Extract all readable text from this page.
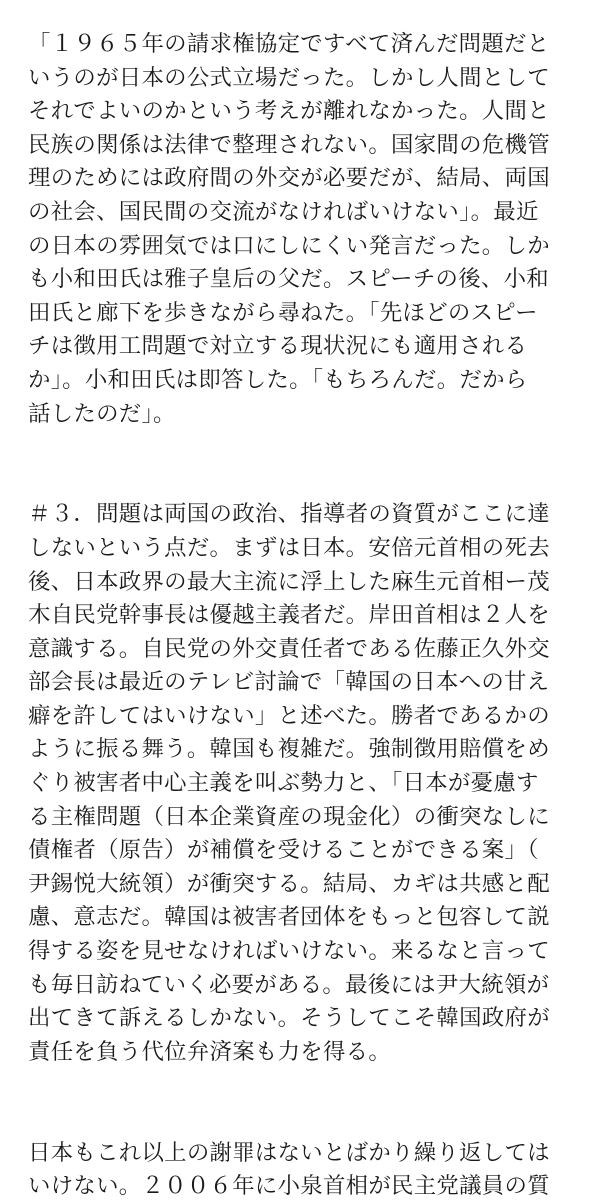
「１９６５年の請求権協定ですべて済んだ問題だと
いうのが日本の公式立場だった。しかし人間として
それでよいのかという考えが離れなかった。人間と
民族の関係は法律で整理されない。国家間の危機管
理のためには政府間の外交が必要だが、結局、両国
の社会、国民間の交流がなければいけない」。最近
の日本の雰囲気では口にしにくい発言だった。しか
も小和田氏は雅子皇后の父だ。スピーチの後、小和
田氏と廊下を歩きながら尋ねた。「先ほどのスピー
チは徴用工問題で対立する現状況にも適用される
か」。小和田氏は即答した。「もちろんだ。だから
話したのだ」。
＃３．問題は両国の政治、指導者の資質がここに達
しないという点だ。まずは日本。安倍元首相の死去
後、日本政界の最大主流に浮上した麻生元首相ー茂
木自民党幹事長は優越主義者だ。岸田首相は２人を
意識する。自民党の外交責任者である佐藤正久外交
部会長は最近のテレビ討論で「韓国の日本への甘え
癖を許してはいけない」と述べた。勝者であるかの
ように振る舞う。韓国も複雑だ。強制徴用賠償をめ
ぐり被害者中心主義を叫ぶ勢力と、「日本が憂慮す
る主権問題（日本企業資産の現金化）の衝突なしに
債権者（原告）が補償を受けることができる案」（
尹錫悦大統領）が衝突する。結局、カギは共感と配
慮、意志だ。韓国は被害者団体をもっと包容して説
得する姿を見せなければいけない。来るなと言って
も毎日訪ねていく必要がある。最後には尹大統領が
出てきて訴えるしかない。そうしてこそ韓国政府が
責任を負う代位弁済案も力を得る。
日本もこれ以上の謝罪はないとばかり繰り返しては
いけない。２００６年に小泉首相が民主党議員の質
